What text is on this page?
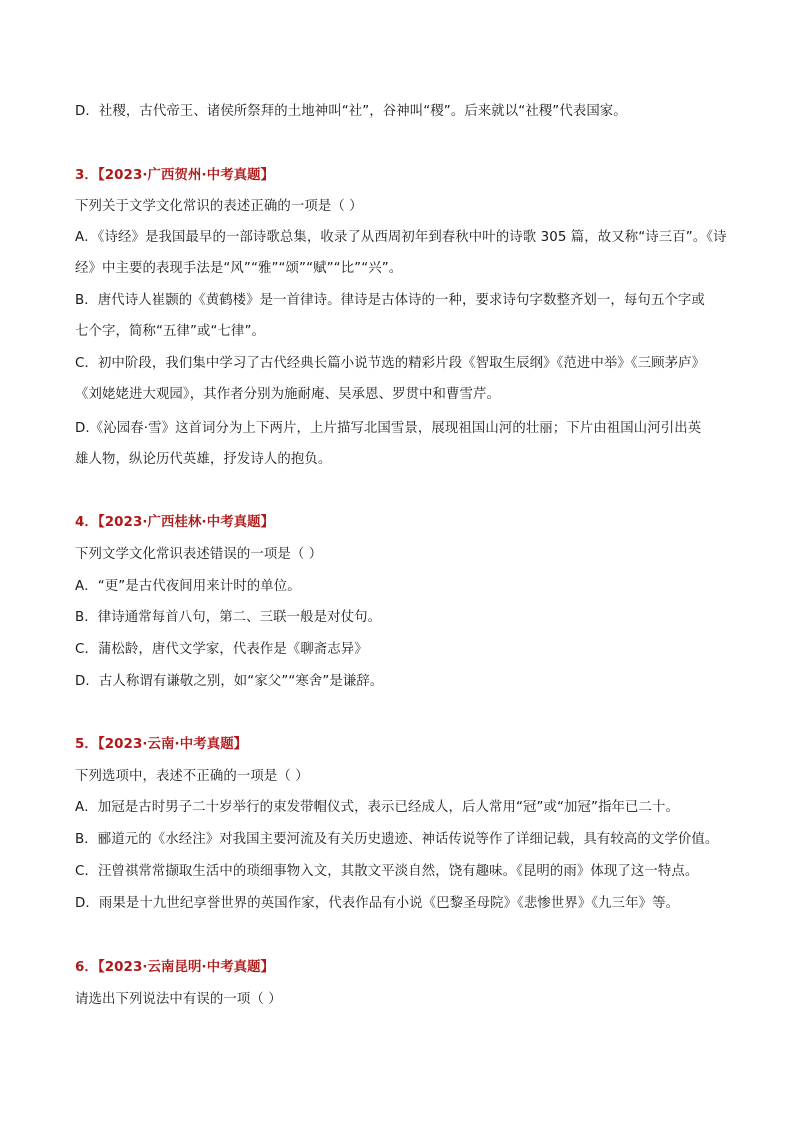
D．社稷，古代帝王、诸侯所祭拜的土地神叫“社”，谷神叫“稷”。后来就以“社稷”代表国家。
3．【2023·广西贺州·中考真题】
下列关于文学文化常识的表述正确的一项是（ ）
A．《诗经》是我国最早的一部诗歌总集，收录了从西周初年到春秋中叶的诗歌 305 篇，故又称“诗三百”。《诗
经》中主要的表现手法是“风”“雅”“颂”“赋”“比”“兴”。
B．唐代诗人崔颢的《黄鹤楼》是一首律诗。律诗是古体诗的一种，要求诗句字数整齐划一，每句五个字或
七个字，简称“五律”或“七律”。
C．初中阶段，我们集中学习了古代经典长篇小说节选的精彩片段《智取生辰纲》《范进中举》《三顾茅庐》
《刘姥姥进大观园》，其作者分别为施耐庵、吴承恩、罗贯中和曹雪芹。
D.《沁园春·雪》这首词分为上下两片，上片描写北国雪景，展现祖国山河的壮丽；下片由祖国山河引出英
雄人物，纵论历代英雄，抒发诗人的抱负。
4．【2023·广西桂林·中考真题】
下列文学文化常识表述错误的一项是（ ）
A．“更”是古代夜间用来计时的单位。
B．律诗通常每首八句，第二、三联一般是对仗句。
C．蒲松龄，唐代文学家，代表作是《聊斋志异》
D．古人称谓有谦敬之别，如“家父”“寒舍”是谦辞。
5．【2023·云南·中考真题】
下列选项中，表述不正确的一项是（ ）
A．加冠是古时男子二十岁举行的束发带帽仪式，表示已经成人，后人常用“冠”或“加冠”指年已二十。
B．郦道元的《水经注》对我国主要河流及有关历史遗迹、神话传说等作了详细记载，具有较高的文学价值。
C．汪曾祺常常撷取生活中的琐细事物入文，其散文平淡自然，饶有趣味。《昆明的雨》体现了这一特点。
D．雨果是十九世纪享誉世界的英国作家，代表作品有小说《巴黎圣母院》《悲惨世界》《九三年》等。
6．【2023·云南昆明·中考真题】
请选出下列说法中有误的一项（ ）
